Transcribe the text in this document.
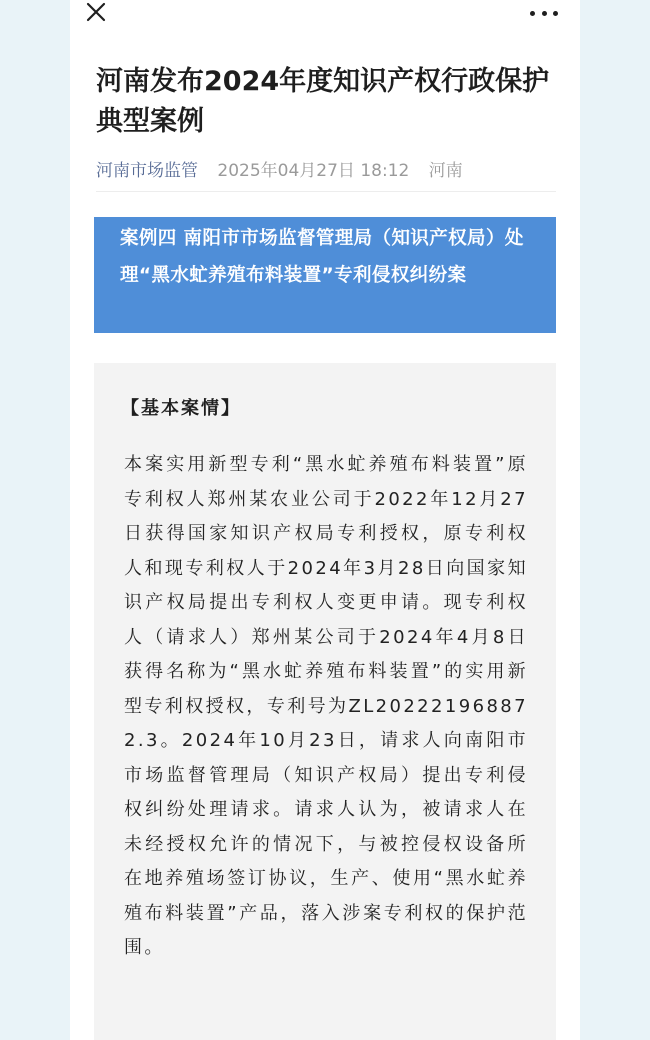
河南发布2024年度知识产权行政保护典型案例
河南市场监管 2025年04月27日 18:12 河南
案例四 南阳市市场监督管理局（知识产权局）处理“黑水虻养殖布料装置”专利侵权纠纷案
【基本案情】

本案实用新型专利“黑水虻养殖布料装置”原专利权人郑州某农业公司于2022年12月27日获得国家知识产权局专利授权，原专利权人和现专利权人于2024年3月28日向国家知识产权局提出专利权人变更申请。现专利权人（请求人）郑州某公司于2024年4月8日获得名称为“黑水虻养殖布料装置”的实用新型专利权授权，专利号为ZL202221968872.3。2024年10月23日，请求人向南阳市市场监督管理局（知识产权局）提出专利侵权纠纷处理请求。请求人认为，被请求人在未经授权允许的情况下，与被控侵权设备所在地养殖场签订协议，生产、使用“黑水虻养殖布料装置”产品，落入涉案专利权的保护范围。
